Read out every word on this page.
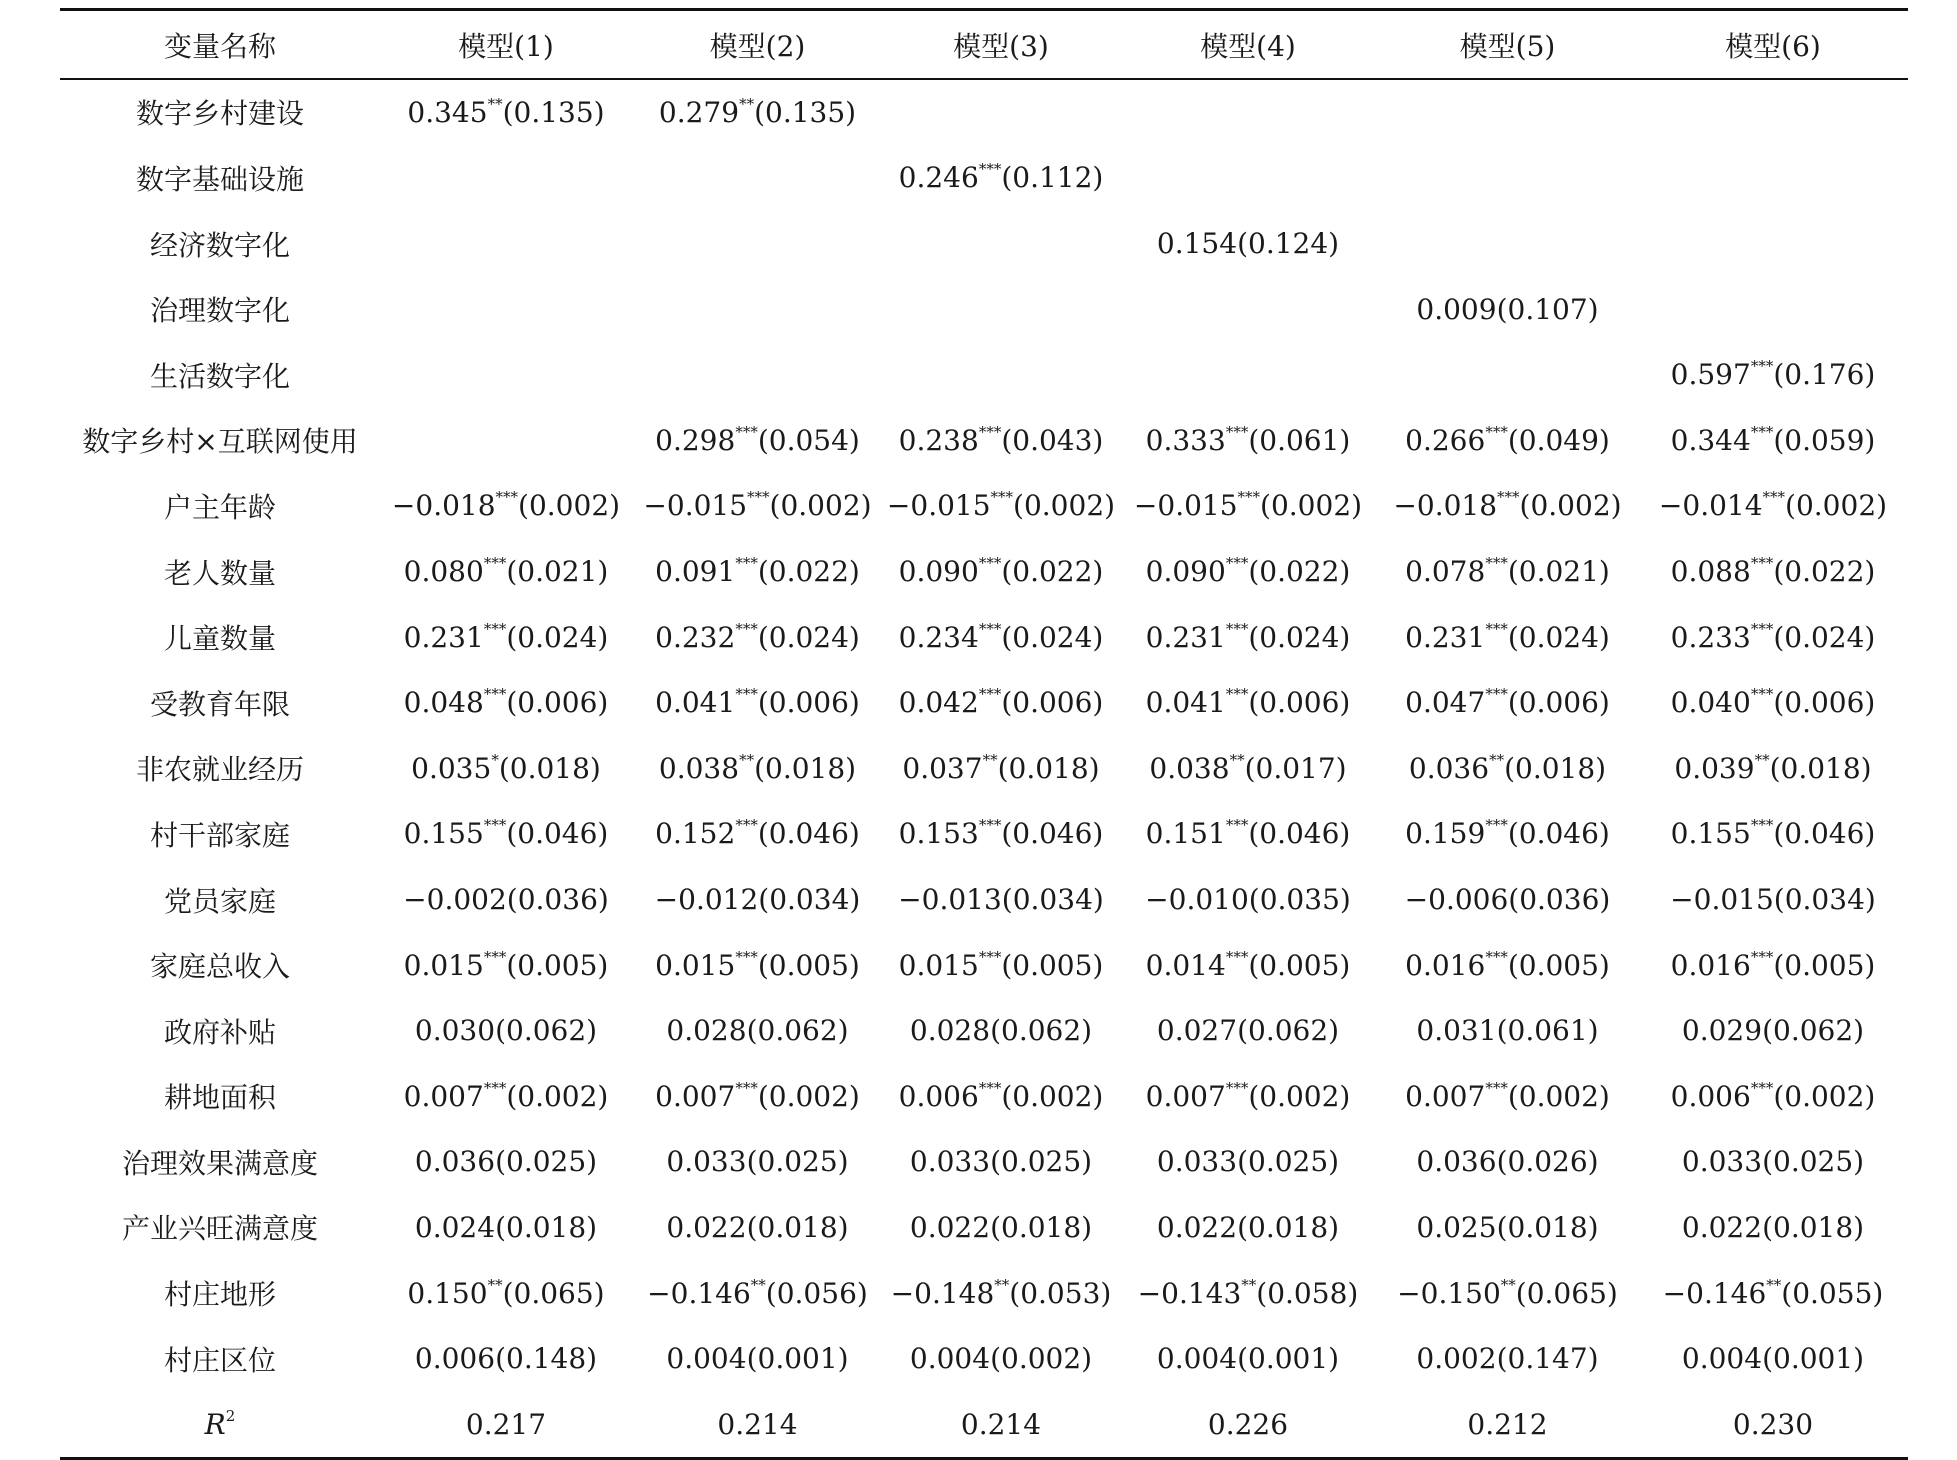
变量名称	模型(1)	模型(2)	模型(3)	模型(4)	模型(5)	模型(6)
数字乡村建设	0.345**(0.135)	0.279**(0.135)				
数字基础设施			0.246***(0.112)			
经济数字化				0.154(0.124)		
治理数字化					0.009(0.107)	
生活数字化						0.597***(0.176)
数字乡村×互联网使用		0.298***(0.054)	0.238***(0.043)	0.333***(0.061)	0.266***(0.049)	0.344***(0.059)
户主年龄	−0.018***(0.002)	−0.015***(0.002)	−0.015***(0.002)	−0.015***(0.002)	−0.018***(0.002)	−0.014***(0.002)
老人数量	0.080***(0.021)	0.091***(0.022)	0.090***(0.022)	0.090***(0.022)	0.078***(0.021)	0.088***(0.022)
儿童数量	0.231***(0.024)	0.232***(0.024)	0.234***(0.024)	0.231***(0.024)	0.231***(0.024)	0.233***(0.024)
受教育年限	0.048***(0.006)	0.041***(0.006)	0.042***(0.006)	0.041***(0.006)	0.047***(0.006)	0.040***(0.006)
非农就业经历	0.035*(0.018)	0.038**(0.018)	0.037**(0.018)	0.038**(0.017)	0.036**(0.018)	0.039**(0.018)
村干部家庭	0.155***(0.046)	0.152***(0.046)	0.153***(0.046)	0.151***(0.046)	0.159***(0.046)	0.155***(0.046)
党员家庭	−0.002(0.036)	−0.012(0.034)	−0.013(0.034)	−0.010(0.035)	−0.006(0.036)	−0.015(0.034)
家庭总收入	0.015***(0.005)	0.015***(0.005)	0.015***(0.005)	0.014***(0.005)	0.016***(0.005)	0.016***(0.005)
政府补贴	0.030(0.062)	0.028(0.062)	0.028(0.062)	0.027(0.062)	0.031(0.061)	0.029(0.062)
耕地面积	0.007***(0.002)	0.007***(0.002)	0.006***(0.002)	0.007***(0.002)	0.007***(0.002)	0.006***(0.002)
治理效果满意度	0.036(0.025)	0.033(0.025)	0.033(0.025)	0.033(0.025)	0.036(0.026)	0.033(0.025)
产业兴旺满意度	0.024(0.018)	0.022(0.018)	0.022(0.018)	0.022(0.018)	0.025(0.018)	0.022(0.018)
村庄地形	0.150**(0.065)	−0.146**(0.056)	−0.148**(0.053)	−0.143**(0.058)	−0.150**(0.065)	−0.146**(0.055)
村庄区位	0.006(0.148)	0.004(0.001)	0.004(0.002)	0.004(0.001)	0.002(0.147)	0.004(0.001)
$R^2$	0.217	0.214	0.214	0.226	0.212	0.230
